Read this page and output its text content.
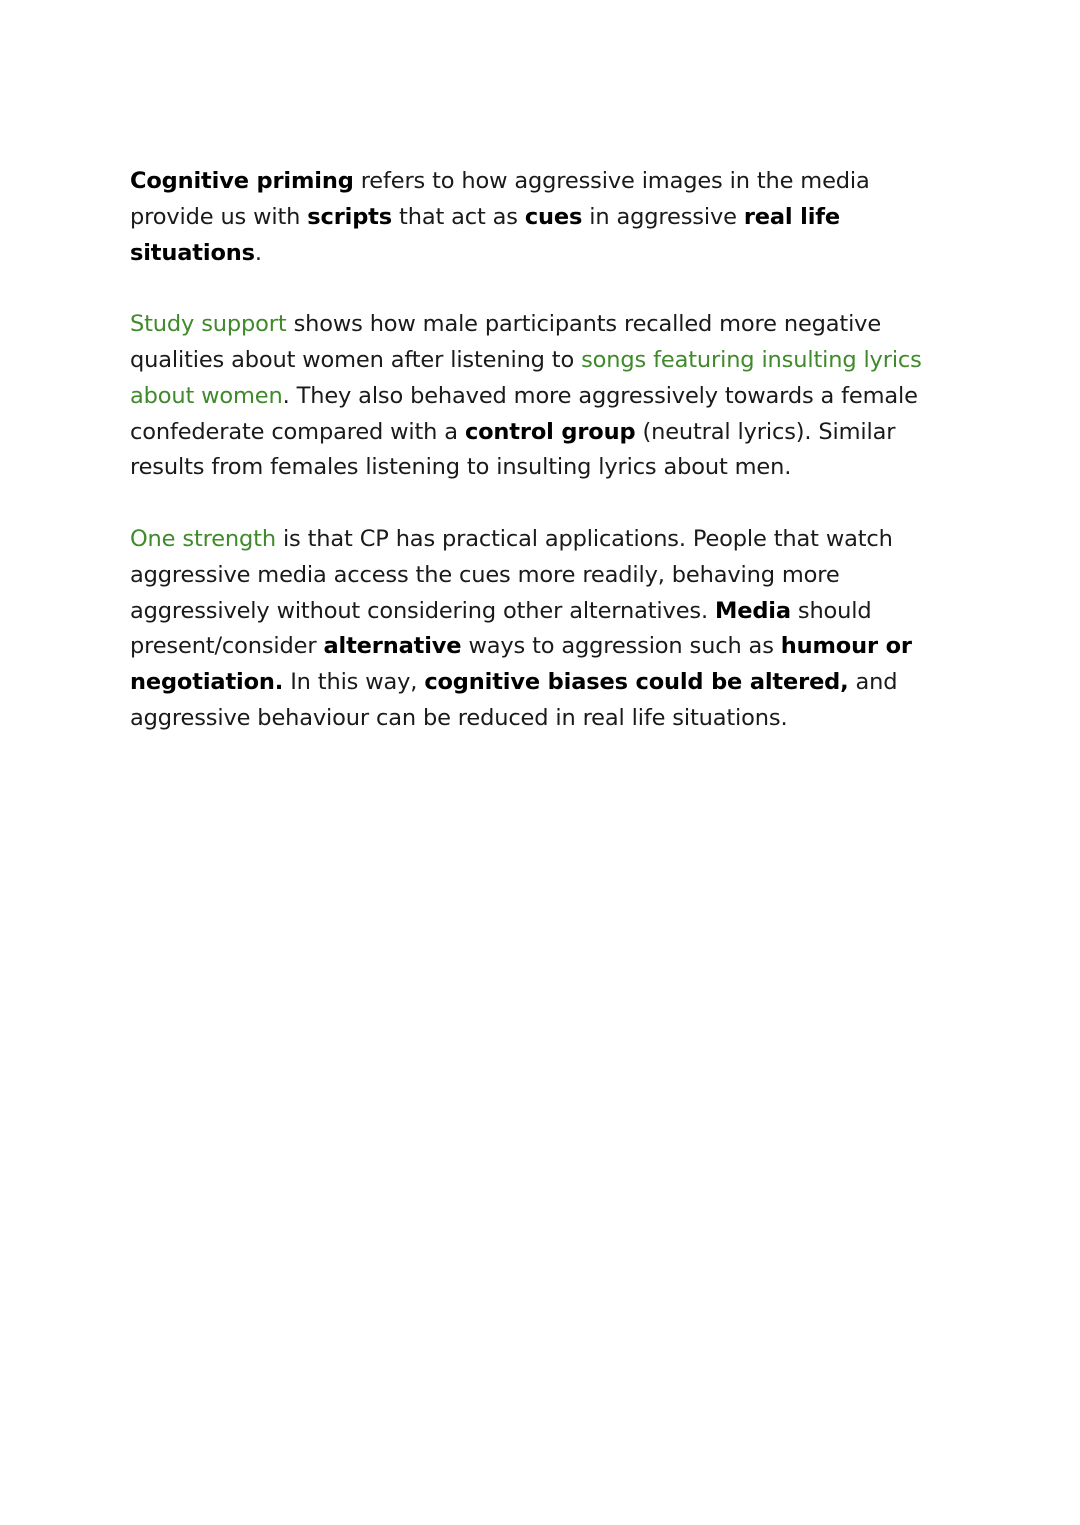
Cognitive priming refers to how aggressive images in the media provide us with scripts that act as cues in aggressive real life situations.

Study support shows how male participants recalled more negative qualities about women after listening to songs featuring insulting lyrics about women. They also behaved more aggressively towards a female confederate compared with a control group (neutral lyrics). Similar results from females listening to insulting lyrics about men.

One strength is that CP has practical applications. People that watch aggressive media access the cues more readily, behaving more aggressively without considering other alternatives. Media should present/consider alternative ways to aggression such as humour or negotiation. In this way, cognitive biases could be altered, and aggressive behaviour can be reduced in real life situations.
